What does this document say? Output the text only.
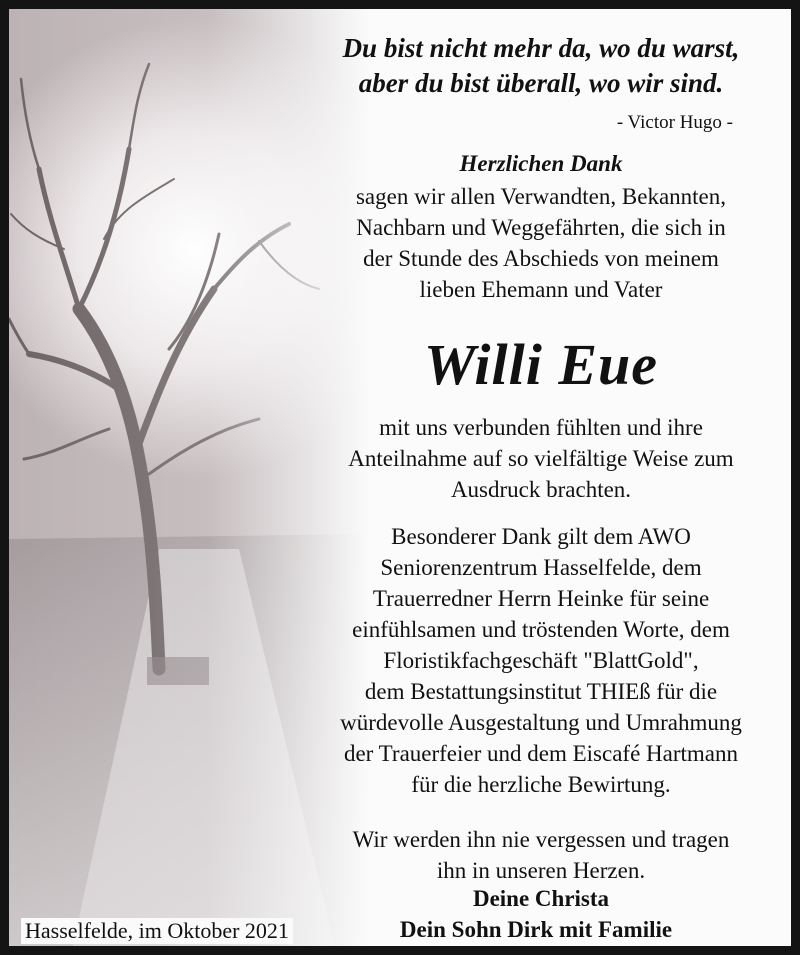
Du bist nicht mehr da, wo du warst,
aber du bist überall, wo wir sind.

- Victor Hugo -

Herzlichen Dank
sagen wir allen Verwandten, Bekannten,
Nachbarn und Weggefährten, die sich in
der Stunde des Abschieds von meinem
lieben Ehemann und Vater
Willi Eue
mit uns verbunden fühlten und ihre
Anteilnahme auf so vielfältige Weise zum
Ausdruck brachten.
Besonderer Dank gilt dem AWO
Seniorenzentrum Hasselfelde, dem
Trauerredner Herrn Heinke für seine
einfühlsamen und tröstenden Worte, dem
Floristikfachgeschäft "BlattGold",
dem Bestattungsinstitut THIEß für die
würdevolle Ausgestaltung und Umrahmung
der Trauerfeier und dem Eiscafé Hartmann
für die herzliche Bewirtung.
Wir werden ihn nie vergessen und tragen
ihn in unseren Herzen.
Deine Christa
Dein Sohn Dirk mit Familie

Hasselfelde, im Oktober 2021
